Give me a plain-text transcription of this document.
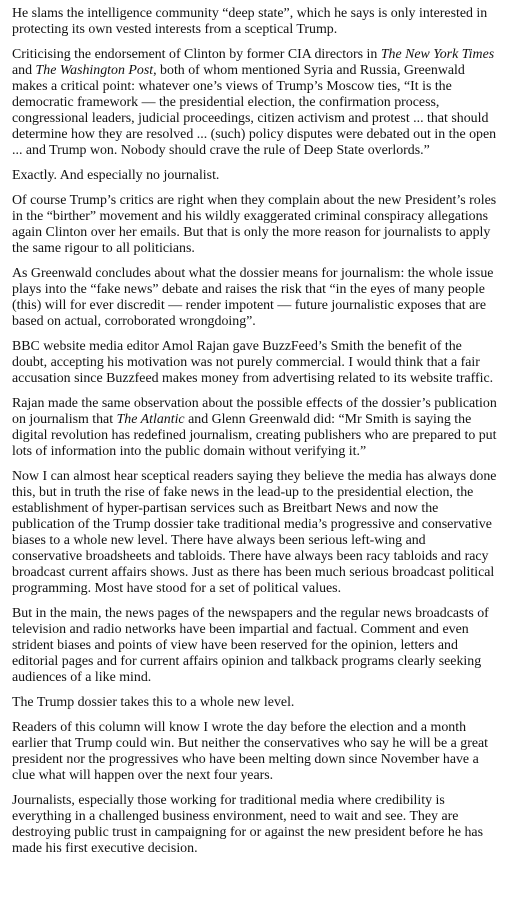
He slams the intelligence community “deep state”, which he says is only interested in protecting its own vested interests from a sceptical Trump.

Criticising the endorsement of Clinton by former CIA directors in The New York Times and The Washington Post, both of whom mentioned Syria and Russia, Greenwald makes a critical point: whatever one’s views of Trump’s Moscow ties, “It is the democratic framework — the presidential election, the confirmation process, congressional leaders, judicial proceedings, citizen activism and protest ... that should determine how they are resolved ... (such) policy disputes were debated out in the open ... and Trump won. Nobody should crave the rule of Deep State overlords.”

Exactly. And especially no journalist.

Of course Trump’s critics are right when they complain about the new President’s roles in the “birther” movement and his wildly exaggerated criminal conspiracy allegations again Clinton over her emails. But that is only the more reason for journalists to apply the same rigour to all politicians.

As Greenwald concludes about what the dossier means for journalism: the whole issue plays into the “fake news” debate and raises the risk that “in the eyes of many people (this) will for ever discredit — render impotent — future journalistic exposes that are based on actual, corroborated wrongdoing”.

BBC website media editor Amol Rajan gave BuzzFeed’s Smith the benefit of the doubt, accepting his motivation was not purely commercial. I would think that a fair accusation since Buzzfeed makes money from advertising related to its website traffic.

Rajan made the same observation about the possible effects of the dossier’s publication on journalism that The Atlantic and Glenn Greenwald did: “Mr Smith is saying the digital revolution has redefined journalism, creating publishers who are prepared to put lots of information into the public domain without verifying it.”

Now I can almost hear sceptical readers saying they believe the media has always done this, but in truth the rise of fake news in the lead-up to the presidential election, the establishment of hyper-partisan services such as Breitbart News and now the publication of the Trump dossier take traditional media’s progressive and conservative biases to a whole new level. There have always been serious left-wing and conservative broadsheets and tabloids. There have always been racy tabloids and racy broadcast current affairs shows. Just as there has been much serious broadcast political programming. Most have stood for a set of political values.

But in the main, the news pages of the newspapers and the regular news broadcasts of television and radio networks have been impartial and factual. Comment and even strident biases and points of view have been reserved for the opinion, letters and editorial pages and for current affairs opinion and talkback programs clearly seeking audiences of a like mind.

The Trump dossier takes this to a whole new level.

Readers of this column will know I wrote the day before the election and a month earlier that Trump could win. But neither the conservatives who say he will be a great president nor the progressives who have been melting down since November have a clue what will happen over the next four years.

Journalists, especially those working for traditional media where credibility is everything in a challenged business environment, need to wait and see. They are destroying public trust in campaigning for or against the new president before he has made his first executive decision.
